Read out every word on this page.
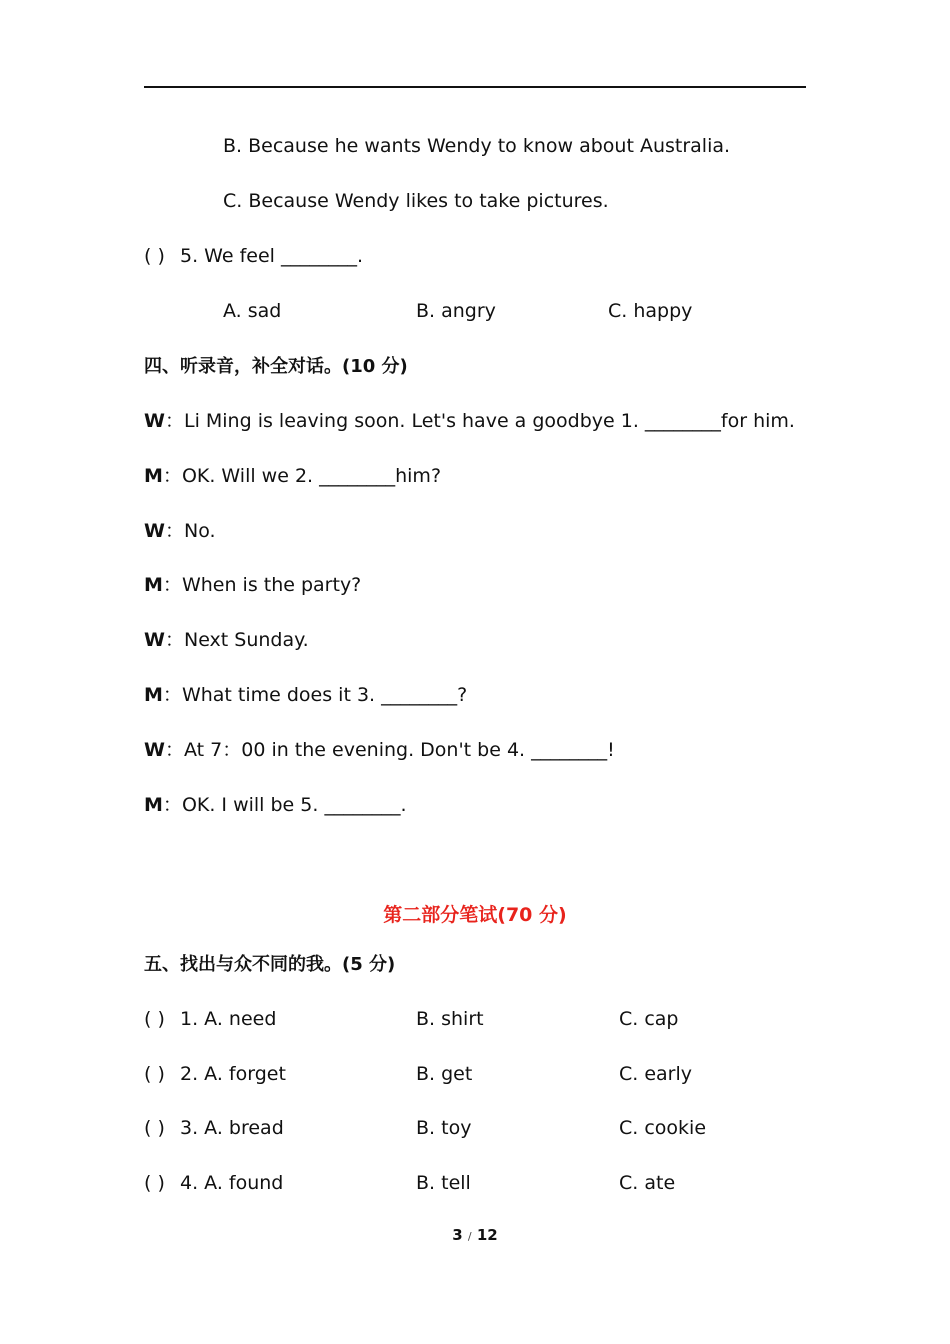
B. Because he wants Wendy to know about Australia.
C. Because Wendy likes to take pictures.
( ) 5. We feel ________.
A. sad	B. angry	C. happy
四、听录音，补全对话。(10 分)
W：Li Ming is leaving soon. Let's have a goodbye 1. ________for him.
M：OK. Will we 2. ________him?
W：No.
M：When is the party?
W：Next Sunday.
M：What time does it 3. ________?
W：At 7：00 in the evening. Don't be 4. ________!
M：OK. I will be 5. ________.
第二部分笔试(70 分)
五、找出与众不同的我。(5 分)
( ) 1. A. need	B. shirt	C. cap
( ) 2. A. forget	B. get	C. early
( ) 3. A. bread	B. toy	C. cookie
( ) 4. A. found	B. tell	C. ate
3 / 12
